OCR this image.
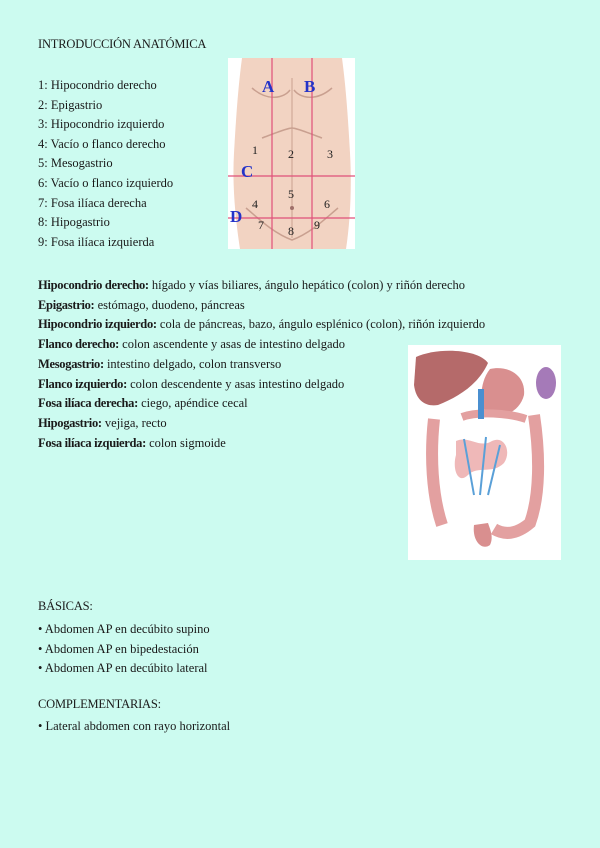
INTRODUCCIÓN ANATÓMICA
1: Hipocondrio derecho
2: Epigastrio
3: Hipocondrio izquierdo
4: Vacío o flanco derecho
5: Mesogastrio
6: Vacío o flanco izquierdo
7: Fosa ilíaca derecha
8: Hipogastrio
9: Fosa ilíaca izquierda
A B
C
D
1	2	3
4
5
6
7 8 9
Hipocondrio derecho: hígado y vías biliares, ángulo hepático (colon) y riñón derecho
Epigastrio: estómago, duodeno, páncreas
Hipocondrio izquierdo: cola de páncreas, bazo, ángulo esplénico (colon), riñón izquierdo
Flanco derecho: colon ascendente y asas de intestino delgado
Mesogastrio: intestino delgado, colon transverso
Flanco izquierdo: colon descendente y asas intestino delgado
Fosa ilíaca derecha: ciego, apéndice cecal
Hipogastrio: vejiga, recto
Fosa ilíaca izquierda: colon sigmoide
BÁSICAS:
• Abdomen AP en decúbito supino
• Abdomen AP en bipedestación
• Abdomen AP en decúbito lateral
COMPLEMENTARIAS:
• Lateral abdomen con rayo horizontal
